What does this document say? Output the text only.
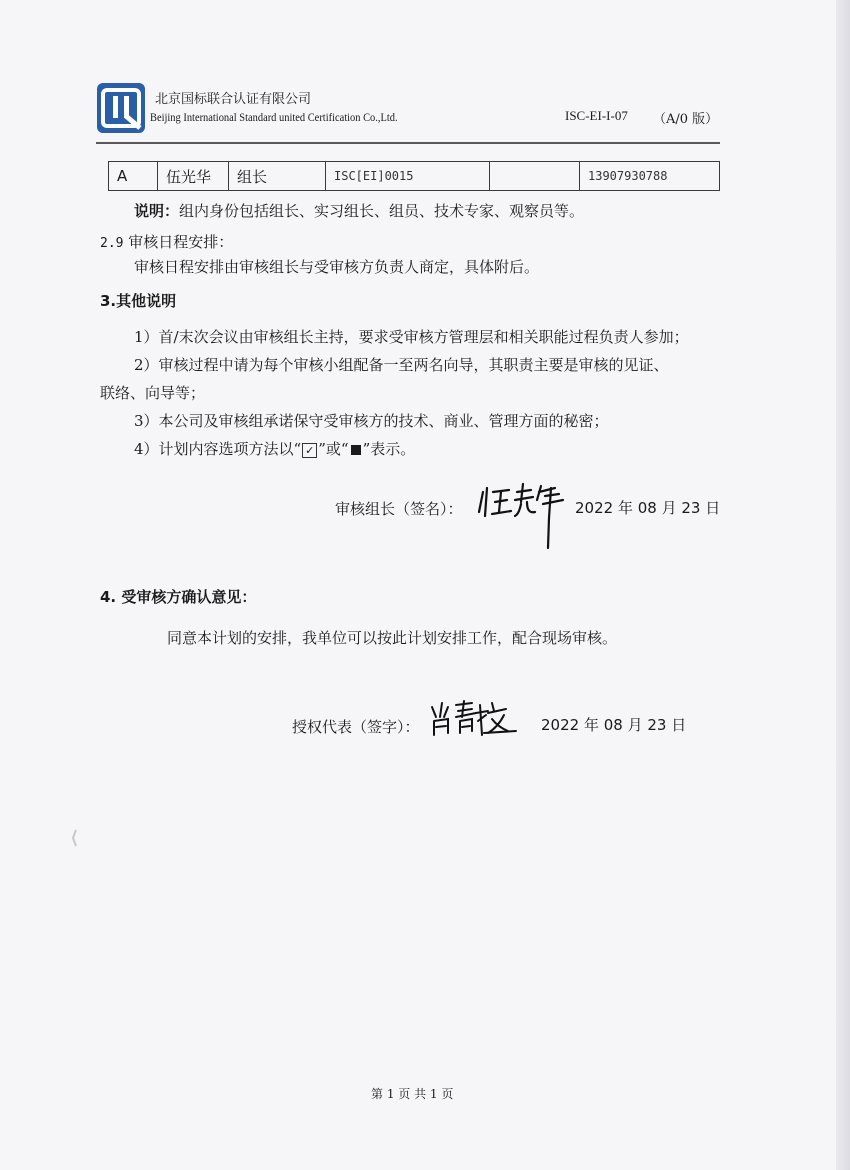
北京国标联合认证有限公司
Beijing International Standard united Certification Co.,Ltd.	ISC-EI-I-07 （A/0 版）
A	伍光华	组长	ISC[EI]0015		13907930788
说明：组内身份包括组长、实习组长、组员、技术专家、观察员等。
2.9 审核日程安排：
审核日程安排由审核组长与受审核方负责人商定，具体附后。
3.其他说明
1）首/末次会议由审核组长主持，要求受审核方管理层和相关职能过程负责人参加；
2）审核过程中请为每个审核小组配备一至两名向导，其职责主要是审核的见证、
联络、向导等；
3）本公司及审核组承诺保守受审核方的技术、商业、管理方面的秘密；
4）计划内容选项方法以“ ✓ ”或“ ”表示。
审核组长（签名）：	2022 年 08 月 23 日
4. 受审核方确认意见：
同意本计划的安排，我单位可以按此计划安排工作，配合现场审核。
授权代表（签字）：	2022 年 08 月 23 日
第 1 页 共 1 页
